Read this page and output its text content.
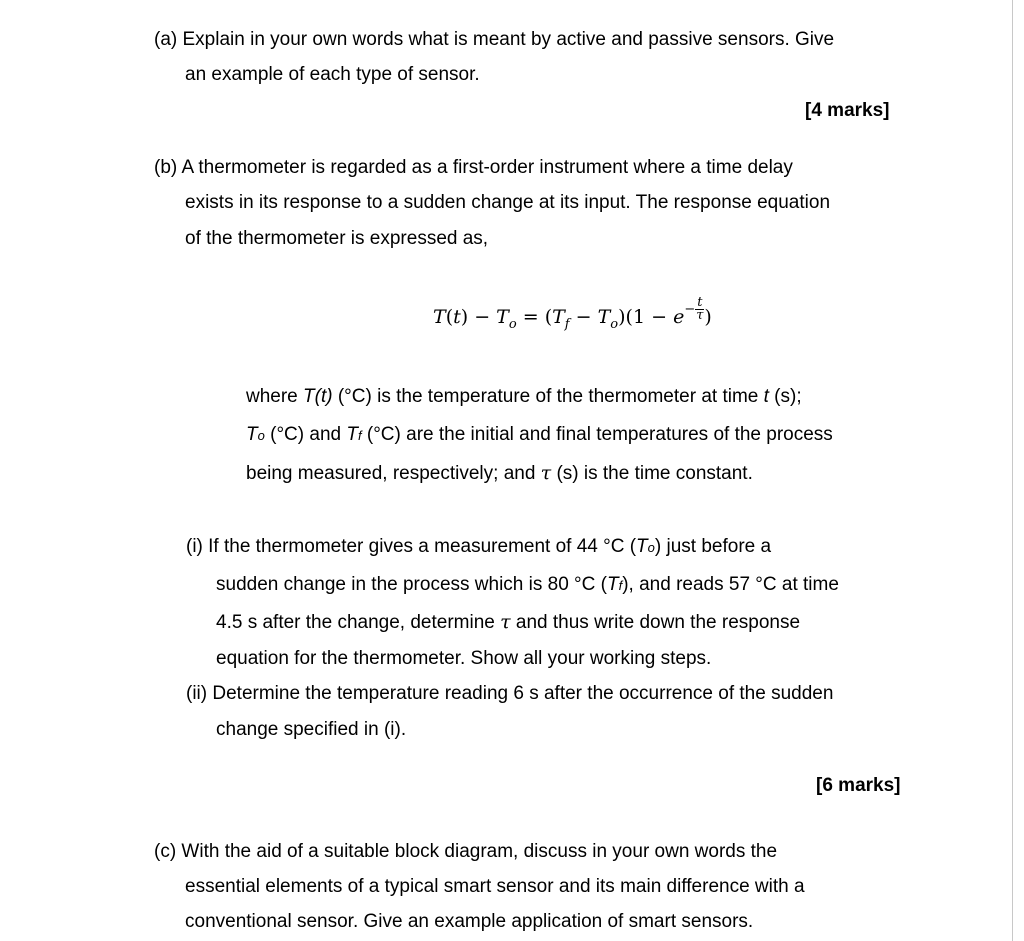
(a) Explain in your own words what is meant by active and passive sensors. Give
an example of each type of sensor.
[4 marks]
(b) A thermometer is regarded as a first-order instrument where a time delay
exists in its response to a sudden change at its input. The response equation
of the thermometer is expressed as,
$T(t) - T_o = (T_f - T_o)(1 - e- \frac{t}{\tau}$ )
where T(t) (°C) is the temperature of the thermometer at time t (s);
To (°C) and Tf (°C) are the initial and final temperatures of the process
being measured, respectively; and τ (s) is the time constant.
(i) If the thermometer gives a measurement of 44 °C (To) just before a
sudden change in the process which is 80 °C (Tf), and reads 57 °C at time
4.5 s after the change, determine τ and thus write down the response
equation for the thermometer. Show all your working steps.
(ii) Determine the temperature reading 6 s after the occurrence of the sudden
change specified in (i).
[6 marks]
(c) With the aid of a suitable block diagram, discuss in your own words the
essential elements of a typical smart sensor and its main difference with a
conventional sensor. Give an example application of smart sensors.
